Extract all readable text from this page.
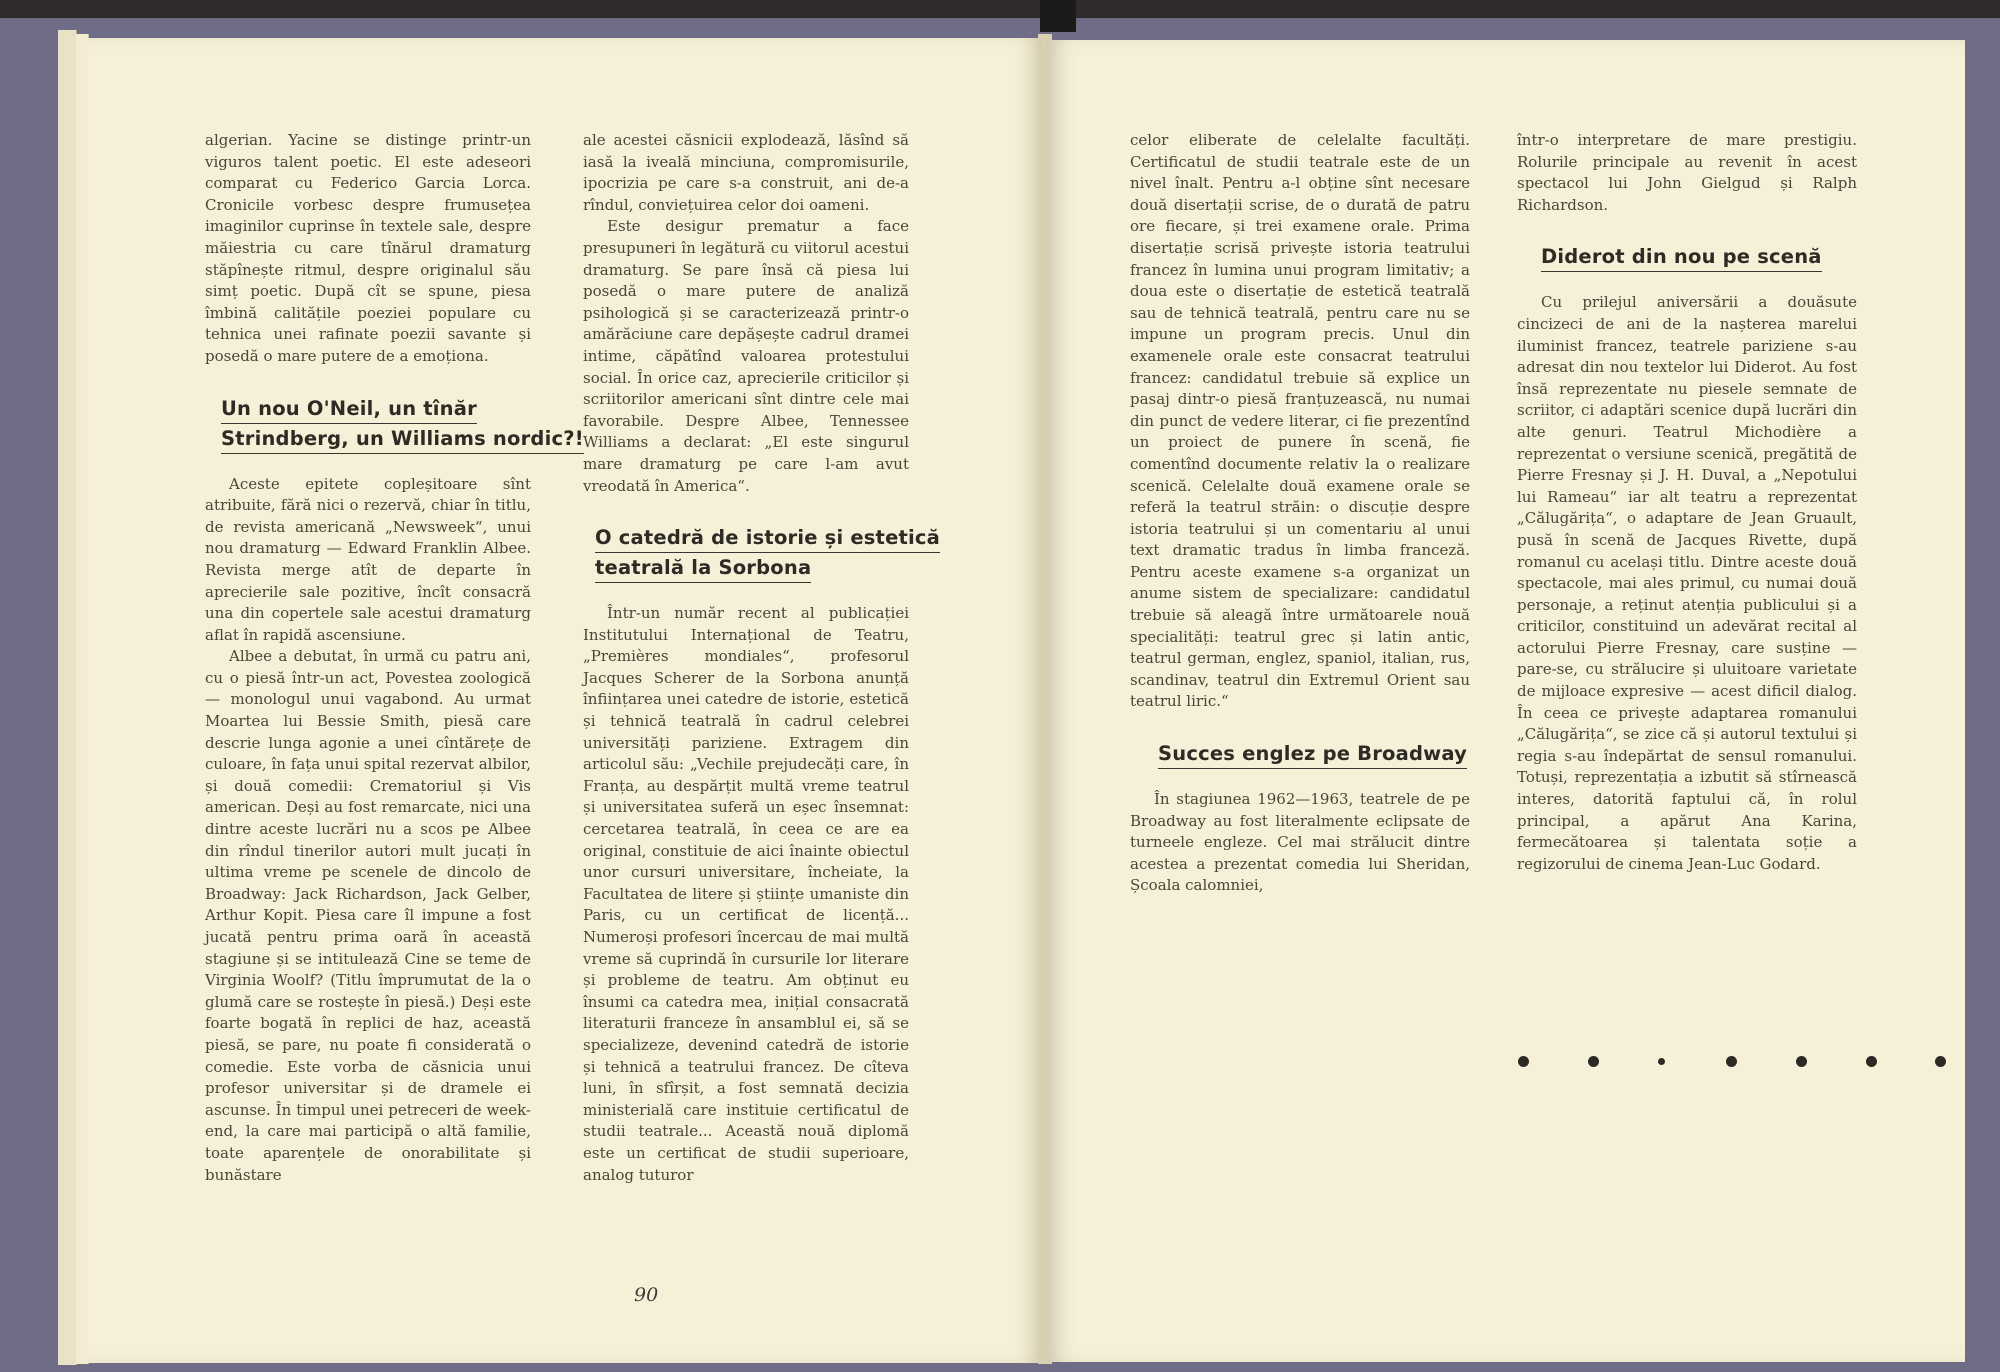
algerian. Yacine se distinge printr-un viguros talent poetic. El este adeseori comparat cu Federico Garcia Lorca. Cronicile vorbesc despre frumusețea imaginilor cuprinse în textele sale, despre măiestria cu care tînărul dramaturg stăpînește ritmul, despre originalul său simț poetic. După cît se spune, piesa îmbină calitățile poeziei populare cu tehnica unei rafinate poezii savante și posedă o mare putere de a emoționa.

Un nou O'Neil, un tînăr
Strindberg, un Williams nordic?!

Aceste epitete copleșitoare sînt atribuite, fără nici o rezervă, chiar în titlu, de revista americană „Newsweek“, unui nou dramaturg — Edward Franklin Albee. Revista merge atît de departe în aprecierile sale pozitive, încît consacră una din copertele sale acestui dramaturg aflat în rapidă ascensiune.

Albee a debutat, în urmă cu patru ani, cu o piesă într-un act, Povestea zoologică — monologul unui vagabond. Au urmat Moartea lui Bessie Smith, piesă care descrie lunga agonie a unei cîntărețe de culoare, în fața unui spital rezervat albilor, și două comedii: Crematoriul și Vis american. Deși au fost remarcate, nici una dintre aceste lucrări nu a scos pe Albee din rîndul tinerilor autori mult jucați în ultima vreme pe scenele de dincolo de Broadway: Jack Richardson, Jack Gelber, Arthur Kopit. Piesa care îl impune a fost jucată pentru prima oară în această stagiune și se intitulează Cine se teme de Virginia Woolf? (Titlu împrumutat de la o glumă care se rostește în piesă.) Deși este foarte bogată în replici de haz, această piesă, se pare, nu poate fi considerată o comedie. Este vorba de căsnicia unui profesor universitar și de dramele ei ascunse. În timpul unei petreceri de week-end, la care mai participă o altă familie, toate aparențele de onorabilitate și bunăstare

ale acestei căsnicii explodează, lăsînd să iasă la iveală minciuna, compromisurile, ipocrizia pe care s-a construit, ani de-a rîndul, conviețuirea celor doi oameni.

Este desigur prematur a face presupuneri în legătură cu viitorul acestui dramaturg. Se pare însă că piesa lui posedă o mare putere de analiză psihologică și se caracterizează printr-o amărăciune care depășește cadrul dramei intime, căpătînd valoarea protestului social. În orice caz, aprecierile criticilor și scriitorilor americani sînt dintre cele mai favorabile. Despre Albee, Tennessee Williams a declarat: „El este singurul mare dramaturg pe care l-am avut vreodată în America“.

O catedră de istorie și estetică
teatrală la Sorbona

Într-un număr recent al publicației Institutului Internațional de Teatru, „Premières mondiales“, profesorul Jacques Scherer de la Sorbona anunță înființarea unei catedre de istorie, estetică și tehnică teatrală în cadrul celebrei universități pariziene. Extragem din articolul său: „Vechile prejudecăți care, în Franța, au despărțit multă vreme teatrul și universitatea suferă un eșec însemnat: cercetarea teatrală, în ceea ce are ea original, constituie de aici înainte obiectul unor cursuri universitare, încheiate, la Facultatea de litere și științe umaniste din Paris, cu un certificat de licență... Numeroși profesori încercau de mai multă vreme să cuprindă în cursurile lor literare și probleme de teatru. Am obținut eu însumi ca catedra mea, inițial consacrată literaturii franceze în ansamblul ei, să se specializeze, devenind catedră de istorie și tehnică a teatrului francez. De cîteva luni, în sfîrșit, a fost semnată decizia ministerială care instituie certificatul de studii teatrale... Această nouă diplomă este un certificat de studii superioare, analog tuturor

90

celor eliberate de celelalte facultăți. Certificatul de studii teatrale este de un nivel înalt. Pentru a-l obține sînt necesare două disertații scrise, de o durată de patru ore fiecare, și trei examene orale. Prima disertație scrisă privește istoria teatrului francez în lumina unui program limitativ; a doua este o disertație de estetică teatrală sau de tehnică teatrală, pentru care nu se impune un program precis. Unul din examenele orale este consacrat teatrului francez: candidatul trebuie să explice un pasaj dintr-o piesă franțuzească, nu numai din punct de vedere literar, ci fie prezentînd un proiect de punere în scenă, fie comentînd documente relativ la o realizare scenică. Celelalte două examene orale se referă la teatrul străin: o discuție despre istoria teatrului și un comentariu al unui text dramatic tradus în limba franceză. Pentru aceste examene s-a organizat un anume sistem de specializare: candidatul trebuie să aleagă între următoarele nouă specialități: teatrul grec și latin antic, teatrul german, englez, spaniol, italian, rus, scandinav, teatrul din Extremul Orient sau teatrul liric.“

Succes englez pe Broadway

În stagiunea 1962—1963, teatrele de pe Broadway au fost literalmente eclipsate de turneele engleze. Cel mai strălucit dintre acestea a prezentat comedia lui Sheridan, Școala calomniei,

într-o interpretare de mare prestigiu. Rolurile principale au revenit în acest spectacol lui John Gielgud și Ralph Richardson.

Diderot din nou pe scenă

Cu prilejul aniversării a douăsute cincizeci de ani de la nașterea marelui iluminist francez, teatrele pariziene s-au adresat din nou textelor lui Diderot. Au fost însă reprezentate nu piesele semnate de scriitor, ci adaptări scenice după lucrări din alte genuri. Teatrul Michodière a reprezentat o versiune scenică, pregătită de Pierre Fresnay și J. H. Duval, a „Nepotului lui Rameau“ iar alt teatru a reprezentat „Călugărița“, o adaptare de Jean Gruault, pusă în scenă de Jacques Rivette, după romanul cu același titlu. Dintre aceste două spectacole, mai ales primul, cu numai două personaje, a reținut atenția publicului și a criticilor, constituind un adevărat recital al actorului Pierre Fresnay, care susține — pare-se, cu strălucire și uluitoare varietate de mijloace expresive — acest dificil dialog. În ceea ce privește adaptarea romanului „Călugărița“, se zice că și autorul textului și regia s-au îndepărtat de sensul romanului. Totuși, reprezentația a izbutit să stîrnească interes, datorită faptului că, în rolul principal, a apărut Ana Karina, fermecătoarea și talentata soție a regizorului de cinema Jean-Luc Godard.
